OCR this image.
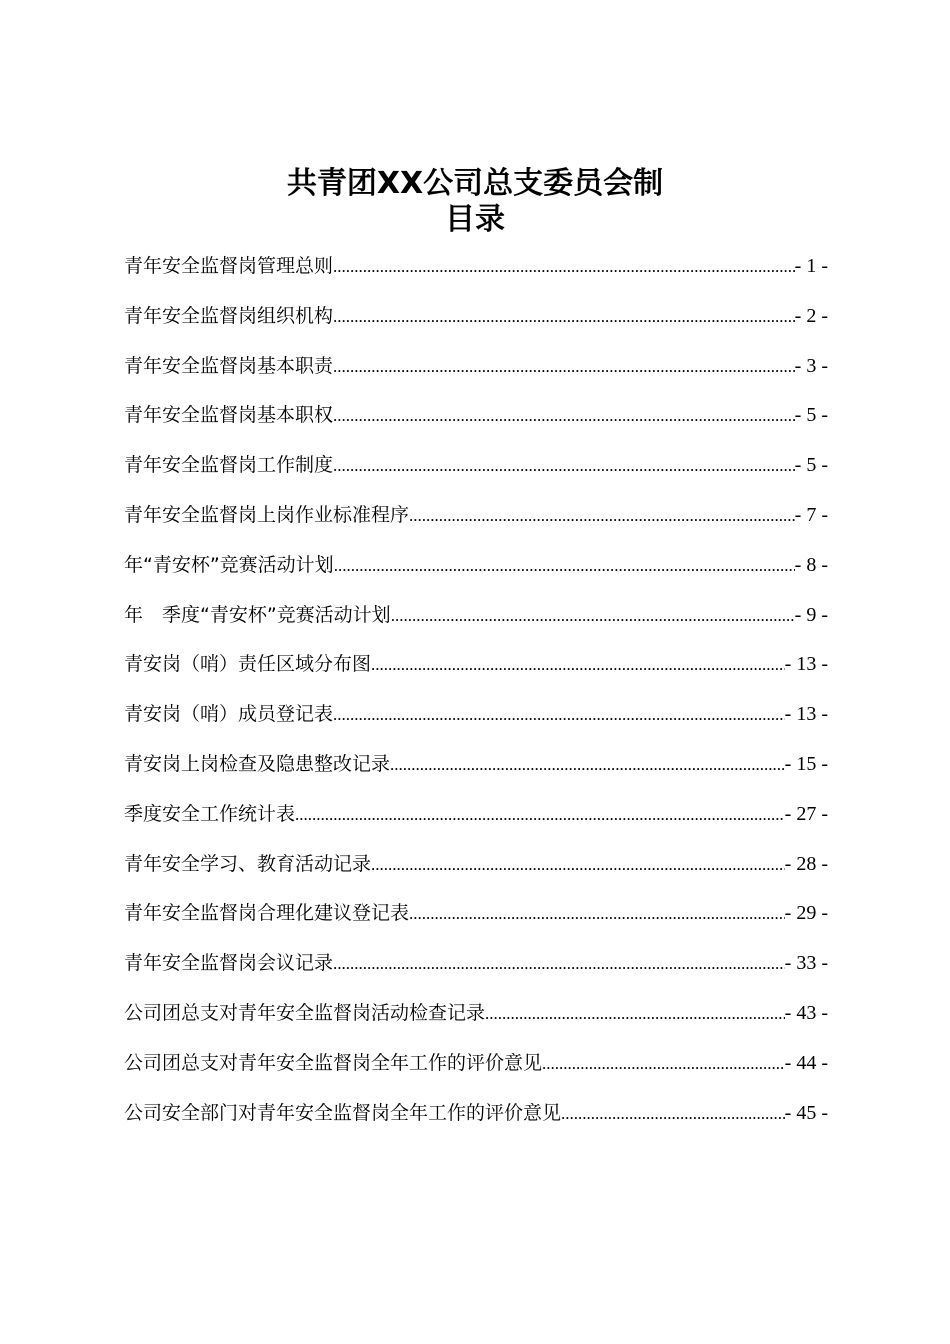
共青团XX公司总支委员会制
目录
青年安全监督岗管理总则 .....	- 1 -
青年安全监督岗组织机构 .....	- 2 -
青年安全监督岗基本职责 .....	- 3 -
青年安全监督岗基本职权 .....	- 5 -
青年安全监督岗工作制度 .....	- 5 -
青年安全监督岗上岗作业标准程序 .....	- 7 -
年“青安杯”竞赛活动计划 .....	- 8 -
年　季度“青安杯”竞赛活动计划 .....	- 9 -
青安岗（哨）责任区域分布图 .....	- 13 -
青安岗（哨）成员登记表 .....	- 13 -
青安岗上岗检查及隐患整改记录 .....	- 15 -
季度安全工作统计表 .....	- 27 -
青年安全学习、教育活动记录 .....	- 28 -
青年安全监督岗合理化建议登记表 .....	- 29 -
青年安全监督岗会议记录 .....	- 33 -
公司团总支对青年安全监督岗活动检查记录 .....	- 43 -
公司团总支对青年安全监督岗全年工作的评价意见 .....	- 44 -
公司安全部门对青年安全监督岗全年工作的评价意见 .....	- 45 -
